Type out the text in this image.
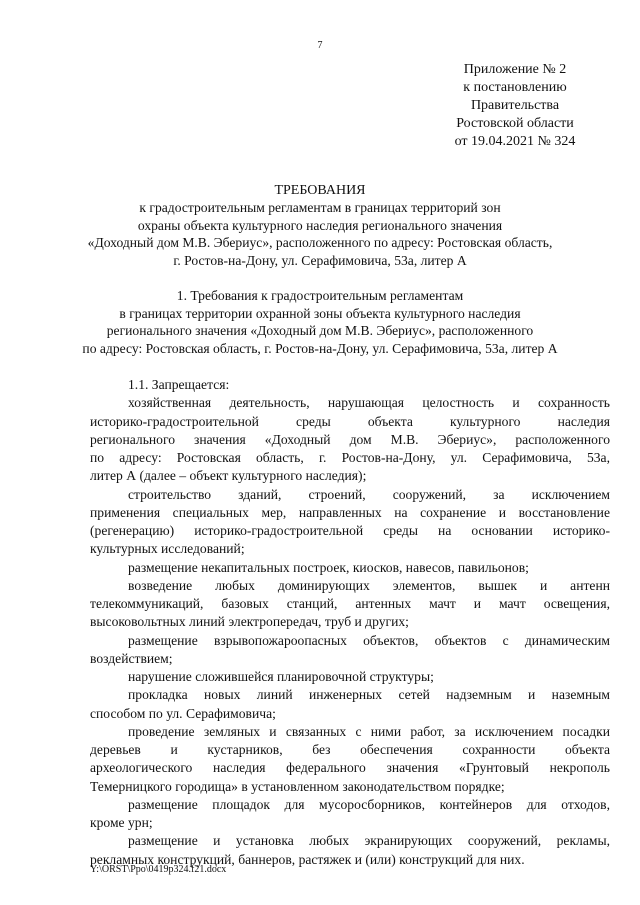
7
Приложение № 2
к постановлению
Правительства
Ростовской области
от 19.04.2021 № 324
ТРЕБОВАНИЯ
к градостроительным регламентам в границах территорий зон
охраны объекта культурного наследия регионального значения
«Доходный дом М.В. Эбериус», расположенного по адресу: Ростовская область,
г. Ростов-на-Дону, ул. Серафимовича, 53а, литер А
1. Требования к градостроительным регламентам
в границах территории охранной зоны объекта культурного наследия
регионального значения «Доходный дом М.В. Эбериус», расположенного
по адресу: Ростовская область, г. Ростов-на-Дону, ул. Серафимовича, 53а, литер А
1.1. Запрещается:
хозяйственная деятельность, нарушающая целостность и сохранность
историко-градостроительной среды объекта культурного наследия
регионального значения «Доходный дом М.В. Эбериус», расположенного
по адресу: Ростовская область, г. Ростов-на-Дону, ул. Серафимовича, 53а,
литер А (далее – объект культурного наследия);
строительство зданий, строений, сооружений, за исключением
применения специальных мер, направленных на сохранение и восстановление
(регенерацию) историко-градостроительной среды на основании историко-
культурных исследований;
размещение некапитальных построек, киосков, навесов, павильонов;
возведение любых доминирующих элементов, вышек и антенн
телекоммуникаций, базовых станций, антенных мачт и мачт освещения,
высоковольтных линий электропередач, труб и других;
размещение взрывопожароопасных объектов, объектов с динамическим
воздействием;
нарушение сложившейся планировочной структуры;
прокладка новых линий инженерных сетей надземным и наземным
способом по ул. Серафимовича;
проведение земляных и связанных с ними работ, за исключением посадки
деревьев и кустарников, без обеспечения сохранности объекта
археологического наследия федерального значения «Грунтовый некрополь
Темерницкого городища» в установленном законодательством порядке;
размещение площадок для мусоросборников, контейнеров для отходов,
кроме урн;
размещение и установка любых экранирующих сооружений, рекламы,
рекламных конструкций, баннеров, растяжек и (или) конструкций для них.
Y:\ORST\Ppo\0419p324.f21.docx
